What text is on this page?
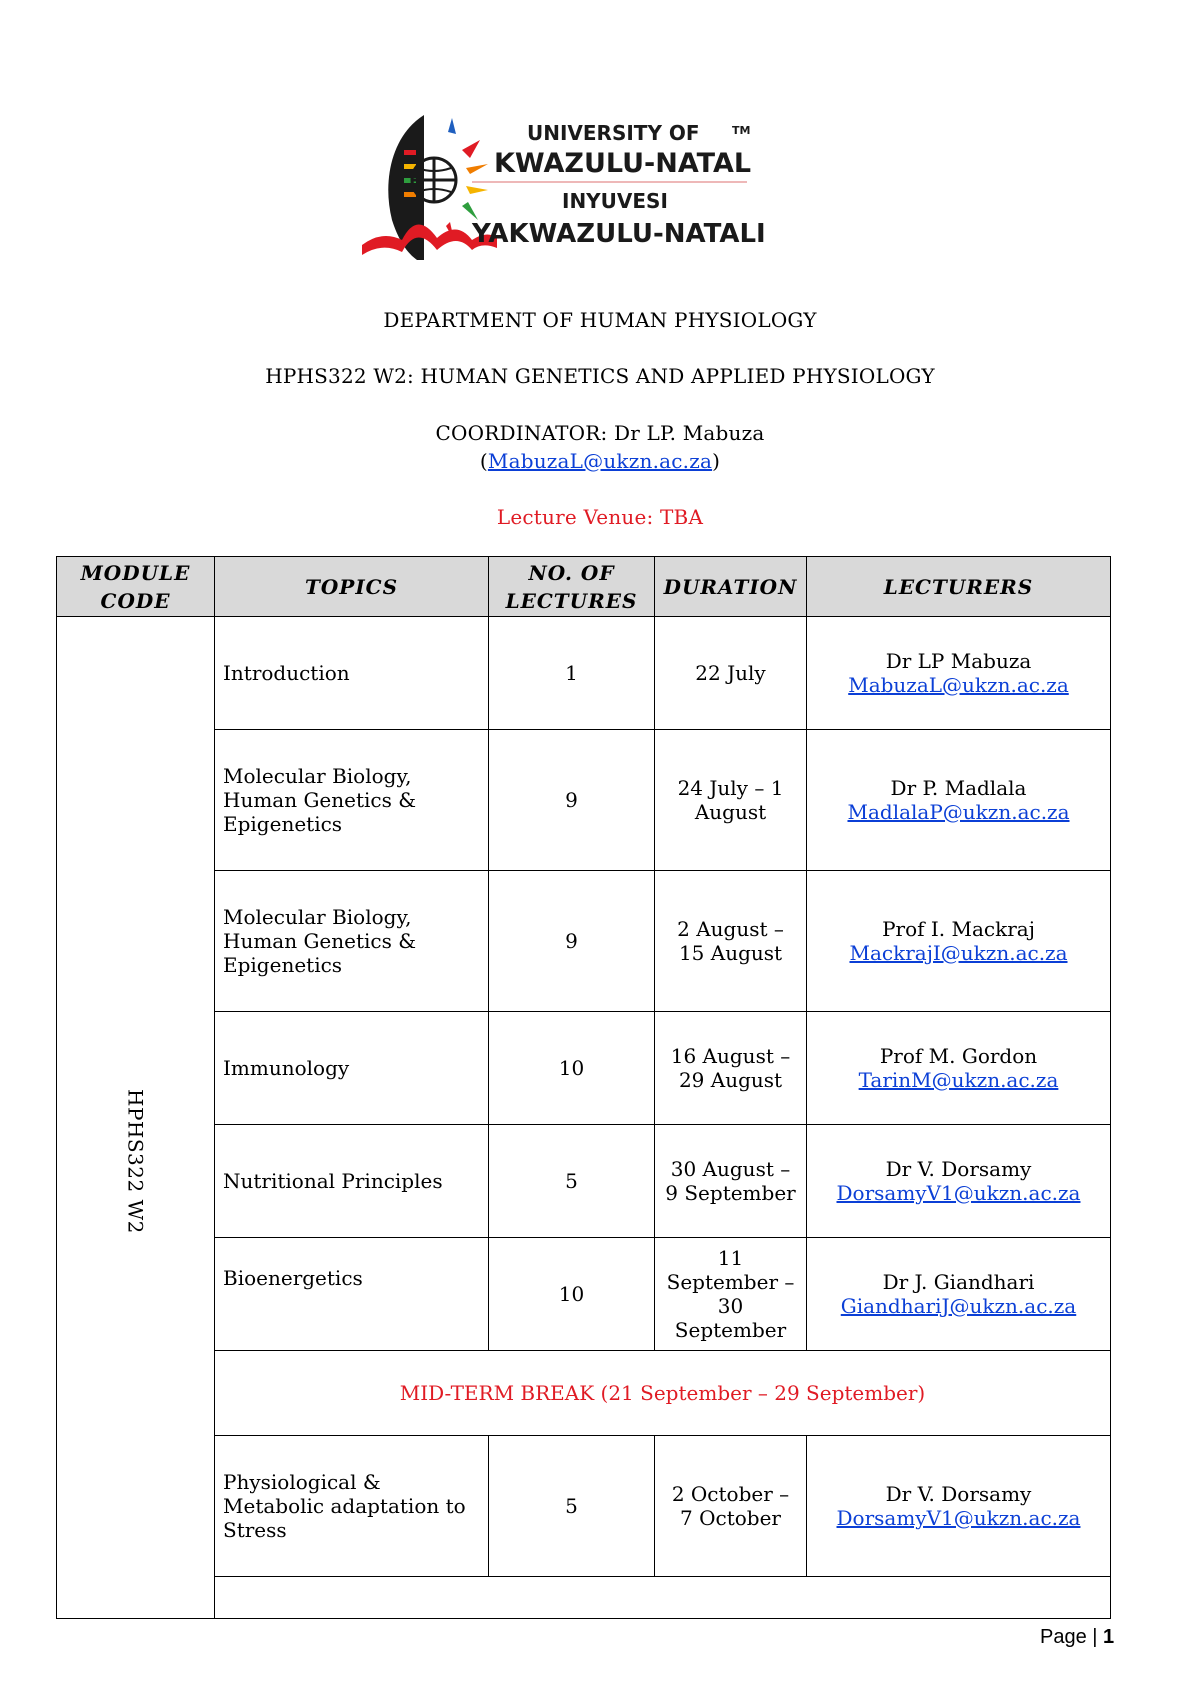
UNIVERSITY OF	TM
KWAZULU-NATAL
INYUVESI
YAKWAZULU-NATALI
DEPARTMENT OF HUMAN PHYSIOLOGY
HPHS322 W2: HUMAN GENETICS AND APPLIED PHYSIOLOGY
COORDINATOR: Dr LP. Mabuza
(MabuzaL@ukzn.ac.za)
Lecture Venue: TBA
MODULE CODE	TOPICS	NO. OF LECTURES	DURATION	LECTURERS

HPHS322 W2	Introduction	1	22 July	Dr LP Mabuza
MabuzaL@ukzn.ac.za

	Molecular Biology, Human Genetics & Epigenetics	9	24 July – 1 August	Dr P. Madlala
MadlalaP@ukzn.ac.za

	Molecular Biology, Human Genetics & Epigenetics	9	2 August – 15 August	Prof I. Mackraj
MackrajI@ukzn.ac.za

	Immunology	10	16 August – 29 August	Prof M. Gordon
TarinM@ukzn.ac.za

	Nutritional Principles	5	30 August – 9 September	Dr V. Dorsamy
DorsamyV1@ukzn.ac.za

	Bioenergetics	10	11 September – 30 September	Dr J. Giandhari
GiandhariJ@ukzn.ac.za

	MID-TERM BREAK (21 September – 29 September)			
	Physiological & Metabolic adaptation to Stress	5	2 October – 7 October	Dr V. Dorsamy
DorsamyV1@ukzn.ac.za

Page | 1
